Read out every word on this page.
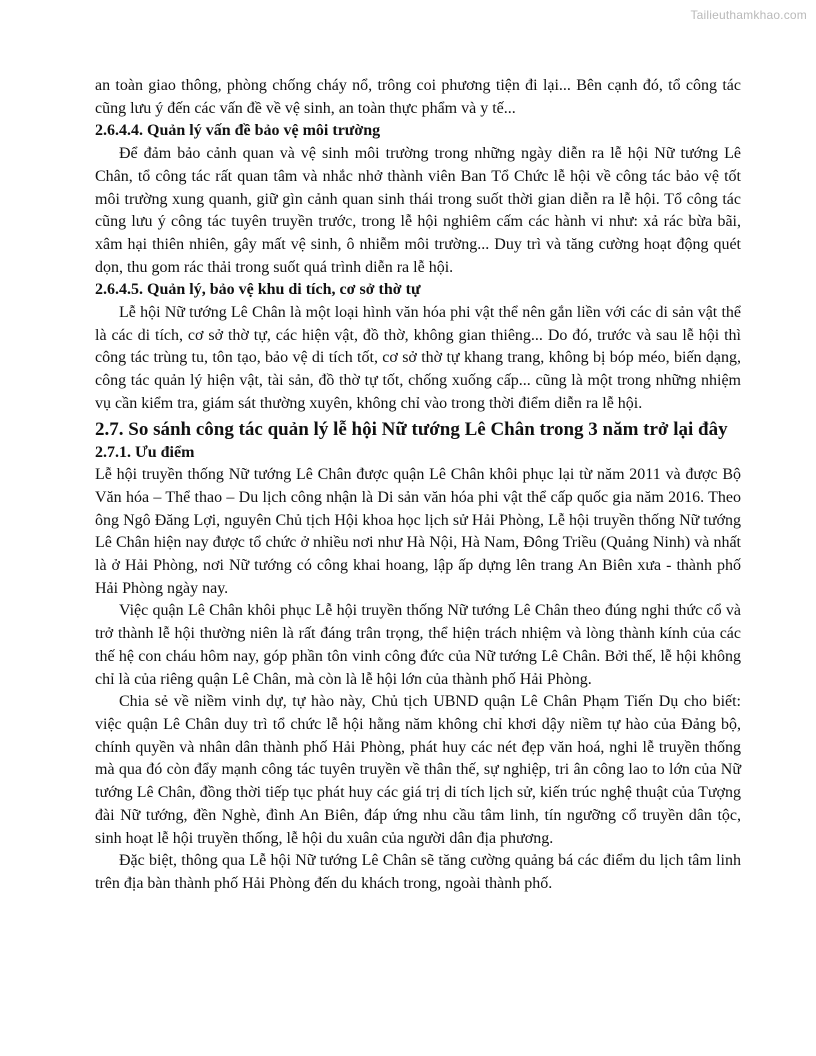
Tailieuthamkhao.com

an toàn giao thông, phòng chống cháy nổ, trông coi phương tiện đi lại... Bên cạnh đó, tổ công tác cũng lưu ý đến các vấn đề về vệ sinh, an toàn thực phẩm và y tế...

2.6.4.4. Quản lý vấn đề bảo vệ môi trường

Để đảm bảo cảnh quan và vệ sinh môi trường trong những ngày diễn ra lễ hội Nữ tướng Lê Chân, tổ công tác rất quan tâm và nhắc nhở thành viên Ban Tổ Chức lễ hội về công tác bảo vệ tốt môi trường xung quanh, giữ gìn cảnh quan sinh thái trong suốt thời gian diễn ra lễ hội. Tổ công tác cũng lưu ý công tác tuyên truyền trước, trong lễ hội nghiêm cấm các hành vi như: xả rác bừa bãi, xâm hại thiên nhiên, gây mất vệ sinh, ô nhiễm môi trường... Duy trì và tăng cường hoạt động quét dọn, thu gom rác thải trong suốt quá trình diễn ra lễ hội.

2.6.4.5. Quản lý, bảo vệ khu di tích, cơ sở thờ tự

Lễ hội Nữ tướng Lê Chân là một loại hình văn hóa phi vật thể nên gắn liền với các di sản vật thể là các di tích, cơ sở thờ tự, các hiện vật, đồ thờ, không gian thiêng... Do đó, trước và sau lễ hội thì công tác trùng tu, tôn tạo, bảo vệ di tích tốt, cơ sở thờ tự khang trang, không bị bóp méo, biến dạng, công tác quản lý hiện vật, tài sản, đồ thờ tự tốt, chống xuống cấp... cũng là một trong những nhiệm vụ cần kiểm tra, giám sát thường xuyên, không chỉ vào trong thời điểm diễn ra lễ hội.

2.7. So sánh công tác quản lý lễ hội Nữ tướng Lê Chân trong 3 năm trở lại đây
2.7.1. Ưu điểm

Lễ hội truyền thống Nữ tướng Lê Chân được quận Lê Chân khôi phục lại từ năm 2011 và được Bộ Văn hóa – Thể thao – Du lịch công nhận là Di sản văn hóa phi vật thể cấp quốc gia năm 2016. Theo ông Ngô Đăng Lợi, nguyên Chủ tịch Hội khoa học lịch sử Hải Phòng, Lễ hội truyền thống Nữ tướng Lê Chân hiện nay được tổ chức ở nhiều nơi như Hà Nội, Hà Nam, Đông Triều (Quảng Ninh) và nhất là ở Hải Phòng, nơi Nữ tướng có công khai hoang, lập ấp dựng lên trang An Biên xưa - thành phố Hải Phòng ngày nay.

Việc quận Lê Chân khôi phục Lễ hội truyền thống Nữ tướng Lê Chân theo đúng nghi thức cổ và trở thành lễ hội thường niên là rất đáng trân trọng, thể hiện trách nhiệm và lòng thành kính của các thế hệ con cháu hôm nay, góp phần tôn vinh công đức của Nữ tướng Lê Chân. Bởi thế, lễ hội không chỉ là của riêng quận Lê Chân, mà còn là lễ hội lớn của thành phố Hải Phòng.

Chia sẻ về niềm vinh dự, tự hào này, Chủ tịch UBND quận Lê Chân Phạm Tiến Dụ cho biết: việc quận Lê Chân duy trì tổ chức lễ hội hằng năm không chỉ khơi dậy niềm tự hào của Đảng bộ, chính quyền và nhân dân thành phố Hải Phòng, phát huy các nét đẹp văn hoá, nghi lễ truyền thống mà qua đó còn đẩy mạnh công tác tuyên truyền về thân thế, sự nghiệp, tri ân công lao to lớn của Nữ tướng Lê Chân, đồng thời tiếp tục phát huy các giá trị di tích lịch sử, kiến trúc nghệ thuật của Tượng đài Nữ tướng, đền Nghè, đình An Biên, đáp ứng nhu cầu tâm linh, tín ngưỡng cổ truyền dân tộc, sinh hoạt lễ hội truyền thống, lễ hội du xuân của người dân địa phương.

Đặc biệt, thông qua Lễ hội Nữ tướng Lê Chân sẽ tăng cường quảng bá các điểm du lịch tâm linh trên địa bàn thành phố Hải Phòng đến du khách trong, ngoài thành phố.
